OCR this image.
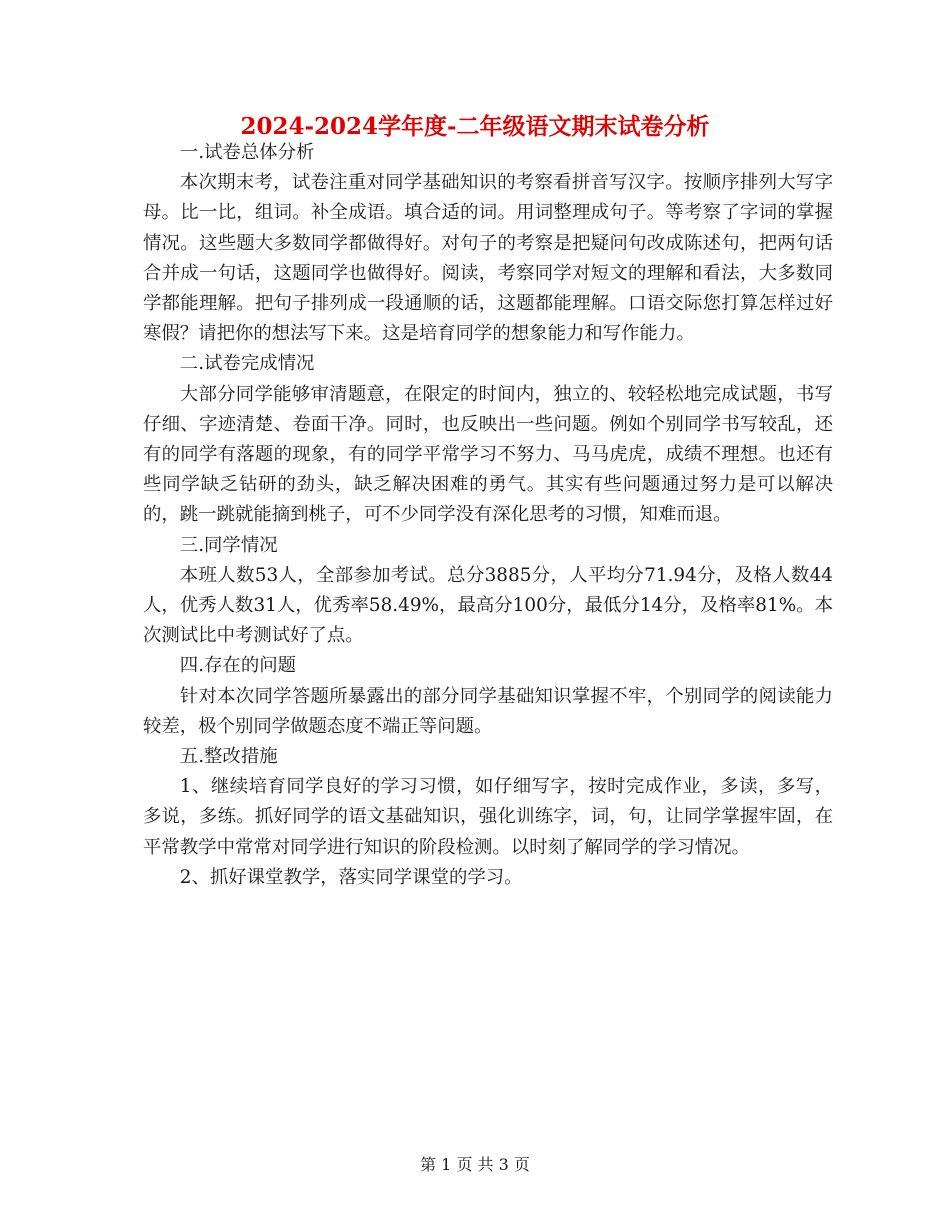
2024-2024学年度-二年级语文期末试卷分析

一.试卷总体分析

本次期末考，试卷注重对同学基础知识的考察看拼音写汉字。按顺序排列大写字母。比一比，组词。补全成语。填合适的词。用词整理成句子。等考察了字词的掌握情况。这些题大多数同学都做得好。对句子的考察是把疑问句改成陈述句，把两句话合并成一句话，这题同学也做得好。阅读，考察同学对短文的理解和看法，大多数同学都能理解。把句子排列成一段通顺的话，这题都能理解。口语交际您打算怎样过好寒假？请把你的想法写下来。这是培育同学的想象能力和写作能力。

二.试卷完成情况

大部分同学能够审清题意，在限定的时间内，独立的、较轻松地完成试题，书写仔细、字迹清楚、卷面干净。同时，也反映出一些问题。例如个别同学书写较乱，还有的同学有落题的现象，有的同学平常学习不努力、马马虎虎，成绩不理想。也还有些同学缺乏钻研的劲头，缺乏解决困难的勇气。其实有些问题通过努力是可以解决的，跳一跳就能摘到桃子，可不少同学没有深化思考的习惯，知难而退。

三.同学情况

本班人数53人，全部参加考试。总分3885分，人平均分71.94分，及格人数44人，优秀人数31人，优秀率58.49%，最高分100分，最低分14分，及格率81%。本次测试比中考测试好了点。

四.存在的问题

针对本次同学答题所暴露出的部分同学基础知识掌握不牢，个别同学的阅读能力较差，极个别同学做题态度不端正等问题。

五.整改措施

1、继续培育同学良好的学习习惯，如仔细写字，按时完成作业，多读，多写，多说，多练。抓好同学的语文基础知识，强化训练字，词，句，让同学掌握牢固，在平常教学中常常对同学进行知识的阶段检测。以时刻了解同学的学习情况。

2、抓好课堂教学，落实同学课堂的学习。

第 1 页 共 3 页
